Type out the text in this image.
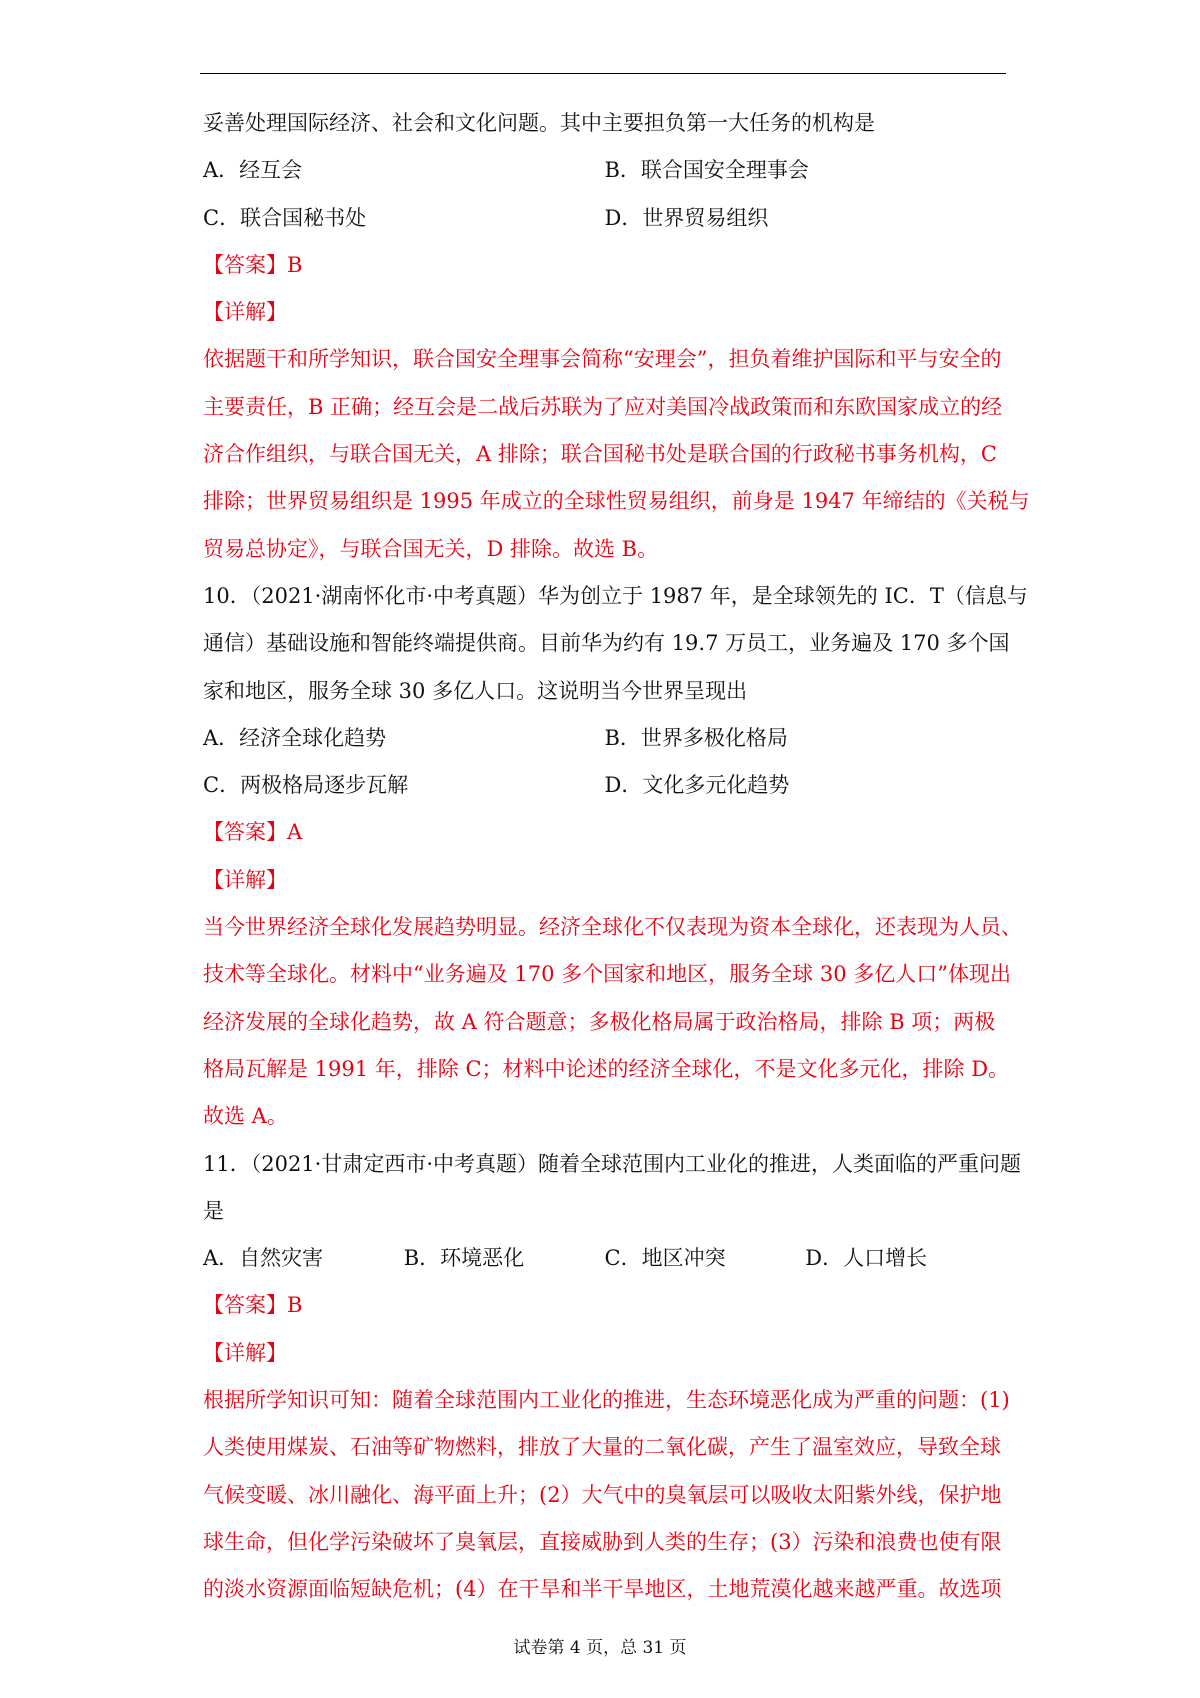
妥善处理国际经济、社会和文化问题。其中主要担负第一大任务的机构是
A．经互会	B．联合国安全理事会
C．联合国秘书处	D．世界贸易组织
【答案】B
【详解】
依据题干和所学知识，联合国安全理事会简称“安理会”，担负着维护国际和平与安全的
主要责任，B 正确；经互会是二战后苏联为了应对美国冷战政策而和东欧国家成立的经
济合作组织，与联合国无关，A 排除；联合国秘书处是联合国的行政秘书事务机构，C
排除；世界贸易组织是 1995 年成立的全球性贸易组织，前身是 1947 年缔结的《关税与
贸易总协定》，与联合国无关，D 排除。故选 B。
10．（2021·湖南怀化市·中考真题）华为创立于 1987 年，是全球领先的 IC．T（信息与
通信）基础设施和智能终端提供商。目前华为约有 19.7 万员工，业务遍及 170 多个国
家和地区，服务全球 30 多亿人口。这说明当今世界呈现出
A．经济全球化趋势	B．世界多极化格局
C．两极格局逐步瓦解	D．文化多元化趋势
【答案】A
【详解】
当今世界经济全球化发展趋势明显。经济全球化不仅表现为资本全球化，还表现为人员、
技术等全球化。材料中“业务遍及 170 多个国家和地区，服务全球 30 多亿人口”体现出
经济发展的全球化趋势，故 A 符合题意；多极化格局属于政治格局，排除 B 项；两极
格局瓦解是 1991 年，排除 C；材料中论述的经济全球化，不是文化多元化，排除 D。
故选 A。
11．（2021·甘肃定西市·中考真题）随着全球范围内工业化的推进，人类面临的严重问题
是
A．自然灾害	B．环境恶化	C．地区冲突	D．人口增长
【答案】B
【详解】
根据所学知识可知：随着全球范围内工业化的推进，生态环境恶化成为严重的问题：(1)
人类使用煤炭、石油等矿物燃料，排放了大量的二氧化碳，产生了温室效应，导致全球
气候变暖、冰川融化、海平面上升；(2）大气中的臭氧层可以吸收太阳紫外线，保护地
球生命，但化学污染破坏了臭氧层，直接威胁到人类的生存；(3）污染和浪费也使有限
的淡水资源面临短缺危机；(4）在干旱和半干旱地区，土地荒漠化越来越严重。故选项
试卷第 4 页，总 31 页
